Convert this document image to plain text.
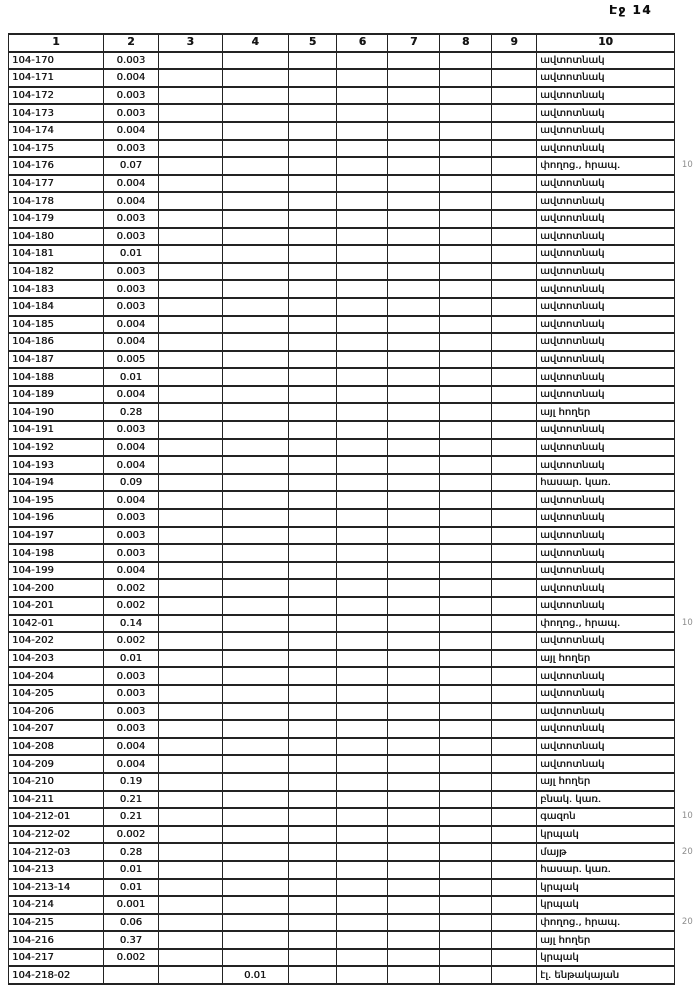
Էջ 14
1	2	3	4	5	6	7	8	9	10	
104-170	0.003								ավտոտնակ	
104-171	0.004								ավտոտնակ	
104-172	0.003								ավտոտնակ	
104-173	0.003								ավտոտնակ	
104-174	0.004								ավտոտնակ	
104-175	0.003								ավտոտնակ	
104-176	0.07								փողոց., հրապ.	10
104-177	0.004								ավտոտնակ	
104-178	0.004								ավտոտնակ	
104-179	0.003								ավտոտնակ	
104-180	0.003								ավտոտնակ	
104-181	0.01								ավտոտնակ	
104-182	0.003								ավտոտնակ	
104-183	0.003								ավտոտնակ	
104-184	0.003								ավտոտնակ	
104-185	0.004								ավտոտնակ	
104-186	0.004								ավտոտնակ	
104-187	0.005								ավտոտնակ	
104-188	0.01								ավտոտնակ	
104-189	0.004								ավտոտնակ	
104-190	0.28								այլ հողեր	
104-191	0.003								ավտոտնակ	
104-192	0.004								ավտոտնակ	
104-193	0.004								ավտոտնակ	
104-194	0.09								հասար. կառ.	
104-195	0.004								ավտոտնակ	
104-196	0.003								ավտոտնակ	
104-197	0.003								ավտոտնակ	
104-198	0.003								ավտոտնակ	
104-199	0.004								ավտոտնակ	
104-200	0.002								ավտոտնակ	
104-201	0.002								ավտոտնակ	
1042-01	0.14								փողոց., հրապ.	10
104-202	0.002								ավտոտնակ	
104-203	0.01								այլ հողեր	
104-204	0.003								ավտոտնակ	
104-205	0.003								ավտոտնակ	
104-206	0.003								ավտոտնակ	
104-207	0.003								ավտոտնակ	
104-208	0.004								ավտոտնակ	
104-209	0.004								ավտոտնակ	
104-210	0.19								այլ հողեր	
104-211	0.21								բնակ. կառ.	
104-212-01	0.21								գազոն	10
104-212-02	0.002								կրպակ	
104-212-03	0.28								մայթ	20
104-213	0.01								հասար. կառ.	
104-213-14	0.01								կրպակ	
104-214	0.001								կրպակ	
104-215	0.06								փողոց., հրապ.	20
104-216	0.37								այլ հողեր	
104-217	0.002								կրպակ	
104-218-02			0.01						էլ. ենթակայան	
